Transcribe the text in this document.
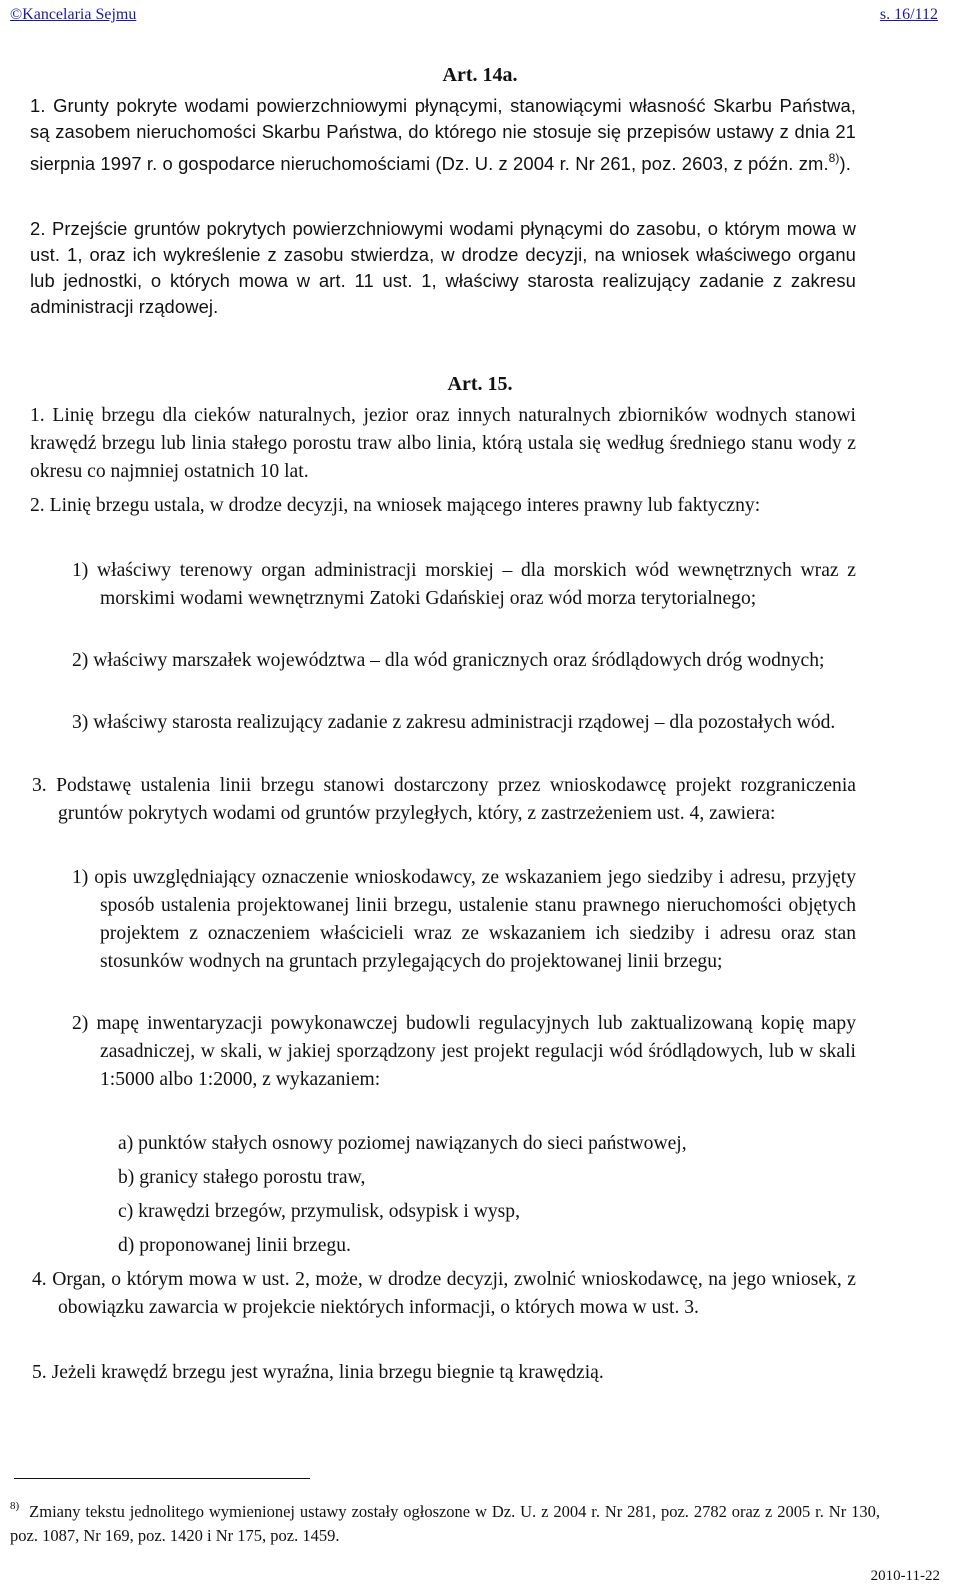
©Kancelaria Sejmu	s. 16/112
Art. 14a.
1. Grunty pokryte wodami powierzchniowymi płynącymi, stanowiącymi własność Skarbu Państwa, są zasobem nieruchomości Skarbu Państwa, do którego nie stosuje się przepisów ustawy z dnia 21 sierpnia 1997 r. o gospodarce nieruchomościami (Dz. U. z 2004 r. Nr 261, poz. 2603, z późn. zm.$^{8)}$).
2. Przejście gruntów pokrytych powierzchniowymi wodami płynącymi do zasobu, o którym mowa w ust. 1, oraz ich wykreślenie z zasobu stwierdza, w drodze decyzji, na wniosek właściwego organu lub jednostki, o których mowa w art. 11 ust. 1, właściwy starosta realizujący zadanie z zakresu administracji rządowej.
Art. 15.
1. Linię brzegu dla cieków naturalnych, jezior oraz innych naturalnych zbiorników wodnych stanowi krawędź brzegu lub linia stałego porostu traw albo linia, którą ustala się według średniego stanu wody z okresu co najmniej ostatnich 10 lat.
2. Linię brzegu ustala, w drodze decyzji, na wniosek mającego interes prawny lub faktyczny:
1) właściwy terenowy organ administracji morskiej – dla morskich wód wewnętrznych wraz z morskimi wodami wewnętrznymi Zatoki Gdańskiej oraz wód morza terytorialnego;
2) właściwy marszałek województwa – dla wód granicznych oraz śródlądowych dróg wodnych;
3) właściwy starosta realizujący zadanie z zakresu administracji rządowej – dla pozostałych wód.
3. Podstawę ustalenia linii brzegu stanowi dostarczony przez wnioskodawcę projekt rozgraniczenia gruntów pokrytych wodami od gruntów przyległych, który, z zastrzeżeniem ust. 4, zawiera:
1) opis uwzględniający oznaczenie wnioskodawcy, ze wskazaniem jego siedziby i adresu, przyjęty sposób ustalenia projektowanej linii brzegu, ustalenie stanu prawnego nieruchomości objętych projektem z oznaczeniem właścicieli wraz ze wskazaniem ich siedziby i adresu oraz stan stosunków wodnych na gruntach przylegających do projektowanej linii brzegu;
2) mapę inwentaryzacji powykonawczej budowli regulacyjnych lub zaktualizowaną kopię mapy zasadniczej, w skali, w jakiej sporządzony jest projekt regulacji wód śródlądowych, lub w skali 1:5000 albo 1:2000, z wykazaniem:
a) punktów stałych osnowy poziomej nawiązanych do sieci państwowej,
b) granicy stałego porostu traw,
c) krawędzi brzegów, przymulisk, odsypisk i wysp,
d) proponowanej linii brzegu.
4. Organ, o którym mowa w ust. 2, może, w drodze decyzji, zwolnić wnioskodawcę, na jego wniosek, z obowiązku zawarcia w projekcie niektórych informacji, o których mowa w ust. 3.
5. Jeżeli krawędź brzegu jest wyraźna, linia brzegu biegnie tą krawędzią.
$^{8)}$ Zmiany tekstu jednolitego wymienionej ustawy zostały ogłoszone w Dz. U. z 2004 r. Nr 281, poz. 2782 oraz z 2005 r. Nr 130, poz. 1087, Nr 169, poz. 1420 i Nr 175, poz. 1459.
2010-11-22
